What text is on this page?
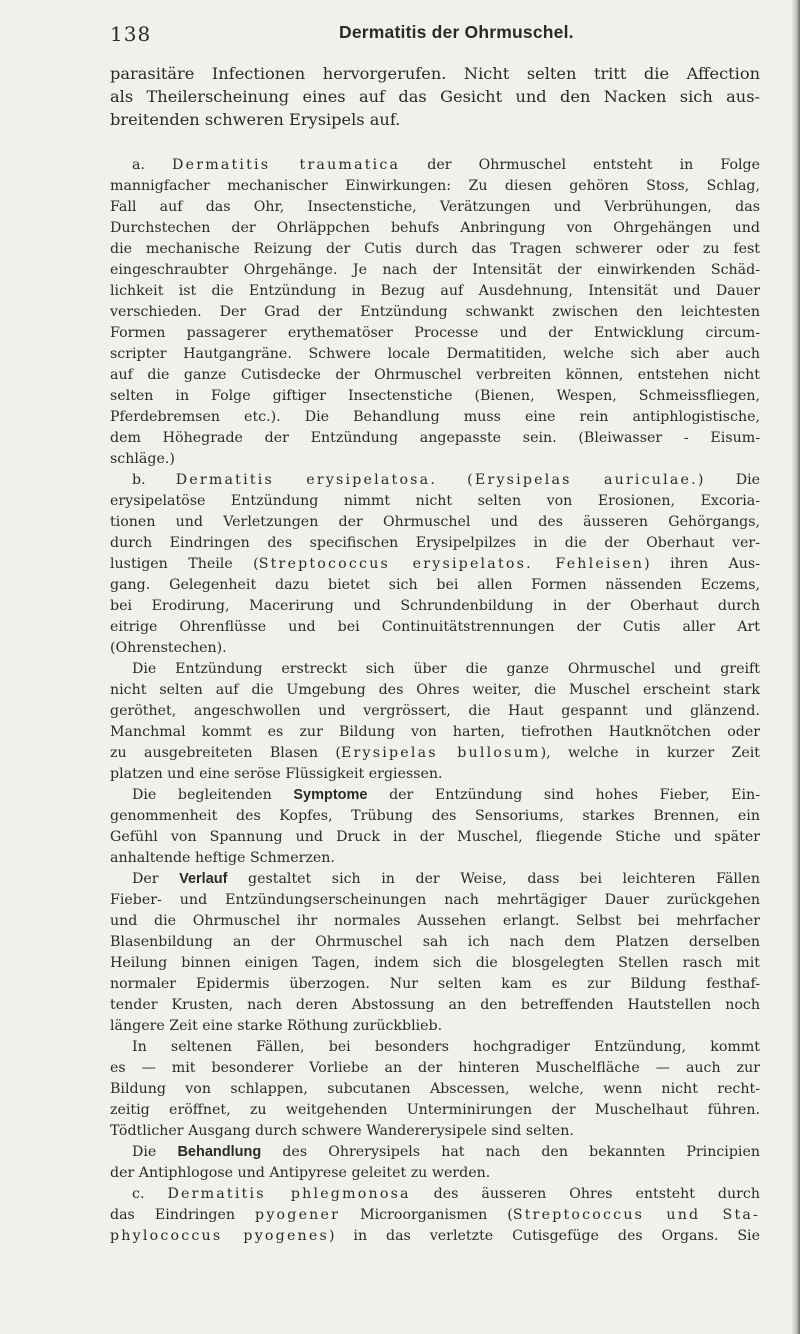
138	Dermatitis der Ohrmuschel.
parasitäre Infectionen hervorgerufen. Nicht selten tritt die Affection
als Theilerscheinung eines auf das Gesicht und den Nacken sich aus-
breitenden schweren Erysipels auf.
a. Dermatitis traumatica der Ohrmuschel entsteht in Folge
mannigfacher mechanischer Einwirkungen: Zu diesen gehören Stoss, Schlag,
Fall auf das Ohr, Insectenstiche, Verätzungen und Verbrühungen, das
Durchstechen der Ohrläppchen behufs Anbringung von Ohrgehängen und
die mechanische Reizung der Cutis durch das Tragen schwerer oder zu fest
eingeschraubter Ohrgehänge. Je nach der Intensität der einwirkenden Schäd-
lichkeit ist die Entzündung in Bezug auf Ausdehnung, Intensität und Dauer
verschieden. Der Grad der Entzündung schwankt zwischen den leichtesten
Formen passagerer erythematöser Processe und der Entwicklung circum-
scripter Hautgangräne. Schwere locale Dermatitiden, welche sich aber auch
auf die ganze Cutisdecke der Ohrmuschel verbreiten können, entstehen nicht
selten in Folge giftiger Insectenstiche (Bienen, Wespen, Schmeissfliegen,
Pferdebremsen etc.). Die Behandlung muss eine rein antiphlogistische,
dem Höhegrade der Entzündung angepasste sein. (Bleiwasser - Eisum-
schläge.)
b. Dermatitis erysipelatosa. (Erysipelas auriculae.) Die
erysipelatöse Entzündung nimmt nicht selten von Erosionen, Excoria-
tionen und Verletzungen der Ohrmuschel und des äusseren Gehörgangs,
durch Eindringen des specifischen Erysipelpilzes in die der Oberhaut ver-
lustigen Theile (Streptococcus erysipelatos. Fehleisen) ihren Aus-
gang. Gelegenheit dazu bietet sich bei allen Formen nässenden Eczems,
bei Erodirung, Macerirung und Schrundenbildung in der Oberhaut durch
eitrige Ohrenflüsse und bei Continuitätstrennungen der Cutis aller Art
(Ohrenstechen).
Die Entzündung erstreckt sich über die ganze Ohrmuschel und greift
nicht selten auf die Umgebung des Ohres weiter, die Muschel erscheint stark
geröthet, angeschwollen und vergrössert, die Haut gespannt und glänzend.
Manchmal kommt es zur Bildung von harten, tiefrothen Hautknötchen oder
zu ausgebreiteten Blasen (Erysipelas bullosum), welche in kurzer Zeit
platzen und eine seröse Flüssigkeit ergiessen.
Die begleitenden Symptome der Entzündung sind hohes Fieber, Ein-
genommenheit des Kopfes, Trübung des Sensoriums, starkes Brennen, ein
Gefühl von Spannung und Druck in der Muschel, fliegende Stiche und später
anhaltende heftige Schmerzen.
Der Verlauf gestaltet sich in der Weise, dass bei leichteren Fällen
Fieber- und Entzündungserscheinungen nach mehrtägiger Dauer zurückgehen
und die Ohrmuschel ihr normales Aussehen erlangt. Selbst bei mehrfacher
Blasenbildung an der Ohrmuschel sah ich nach dem Platzen derselben
Heilung binnen einigen Tagen, indem sich die blosgelegten Stellen rasch mit
normaler Epidermis überzogen. Nur selten kam es zur Bildung festhaf-
tender Krusten, nach deren Abstossung an den betreffenden Hautstellen noch
längere Zeit eine starke Röthung zurückblieb.
In seltenen Fällen, bei besonders hochgradiger Entzündung, kommt
es — mit besonderer Vorliebe an der hinteren Muschelfläche — auch zur
Bildung von schlappen, subcutanen Abscessen, welche, wenn nicht recht-
zeitig eröffnet, zu weitgehenden Unterminirungen der Muschelhaut führen.
Tödtlicher Ausgang durch schwere Wandererysipele sind selten.
Die Behandlung des Ohrerysipels hat nach den bekannten Principien
der Antiphlogose und Antipyrese geleitet zu werden.
c. Dermatitis phlegmonosa des äusseren Ohres entsteht durch
das Eindringen pyogener Microorganismen (Streptococcus und Sta-
phylococcus pyogenes) in das verletzte Cutisgefüge des Organs. Sie
